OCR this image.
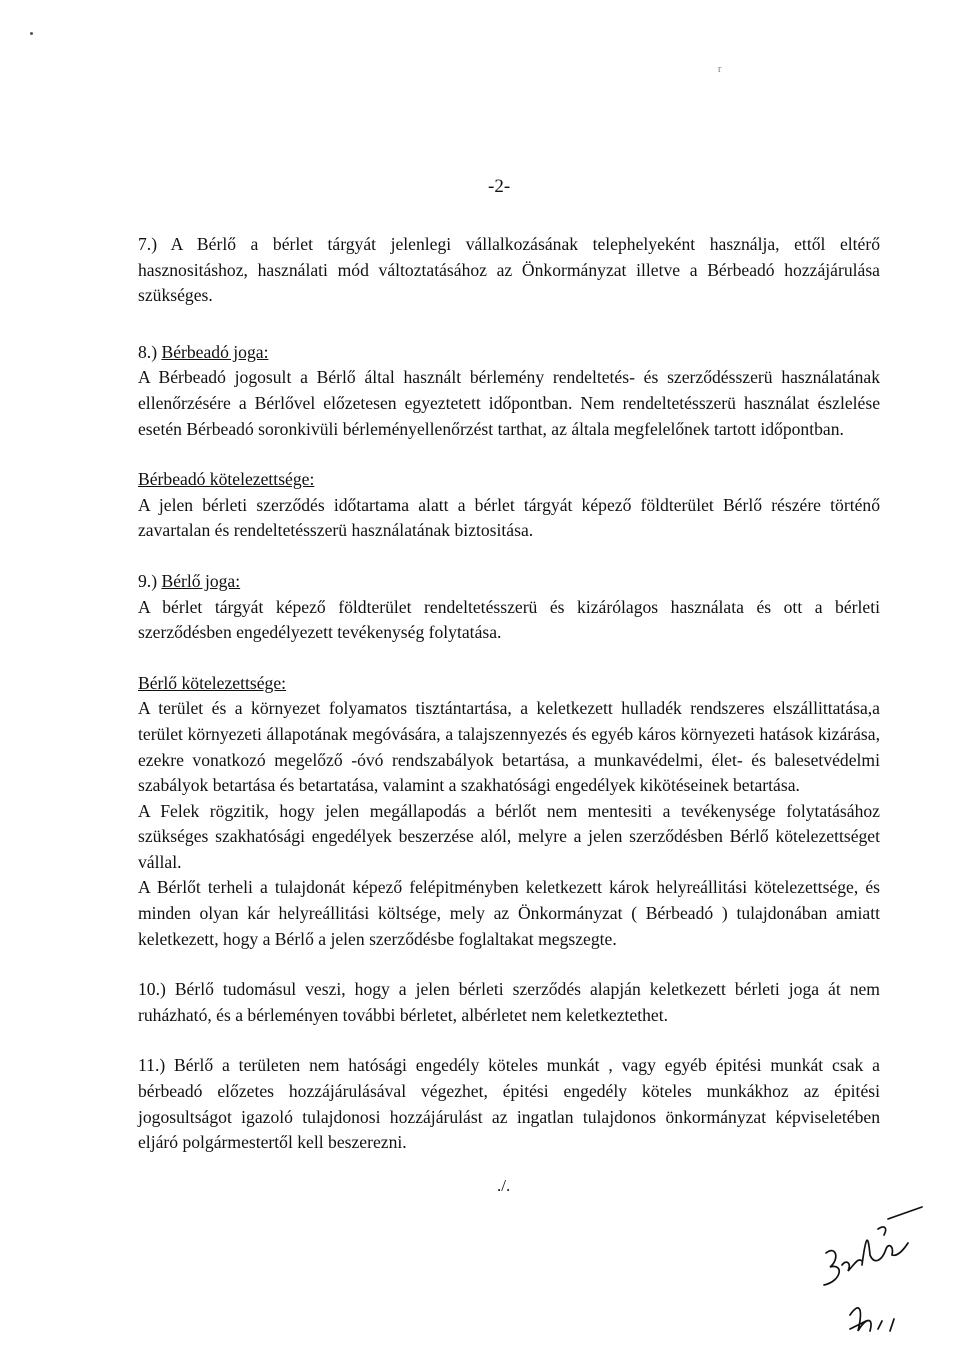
r
-2-

7.) A Bérlő a bérlet tárgyát jelenlegi vállalkozásának telephelyeként használja, ettől eltérő hasznositáshoz, használati mód változtatásához az Önkormányzat illetve a Bérbeadó hozzájárulása szükséges.

8.) Bérbeadó joga:

A Bérbeadó jogosult a Bérlő által használt bérlemény rendeltetés- és szerződésszerü használatának ellenőrzésére a Bérlővel előzetesen egyeztetett időpontban. Nem rendeltetésszerü használat észlelése esetén Bérbeadó soronkivüli bérleményellenőrzést tarthat, az általa megfelelőnek tartott időpontban.

Bérbeadó kötelezettsége:

A jelen bérleti szerződés időtartama alatt a bérlet tárgyát képező földterület Bérlő részére történő zavartalan és rendeltetésszerü használatának biztositása.

9.) Bérlő joga:

A bérlet tárgyát képező földterület rendeltetésszerü és kizárólagos használata és ott a bérleti szerződésben engedélyezett tevékenység folytatása.

Bérlő kötelezettsége:

A terület és a környezet folyamatos tisztántartása, a keletkezett hulladék rendszeres elszállittatása,a terület környezeti állapotának megóvására, a talajszennyezés és egyéb káros környezeti hatások kizárása, ezekre vonatkozó megelőző -óvó rendszabályok betartása, a munkavédelmi, élet- és balesetvédelmi szabályok betartása és betartatása, valamint a szakhatósági engedélyek kikötéseinek betartása.

A Felek rögzitik, hogy jelen megállapodás a bérlőt nem mentesiti a tevékenysége folytatásához szükséges szakhatósági engedélyek beszerzése alól, melyre a jelen szerződésben Bérlő kötelezettséget vállal.

A Bérlőt terheli a tulajdonát képező felépitményben keletkezett károk helyreállitási kötelezettsége, és minden olyan kár helyreállitási költsége, mely az Önkormányzat ( Bérbeadó ) tulajdonában amiatt keletkezett, hogy a Bérlő a jelen szerződésbe foglaltakat megszegte.

10.) Bérlő tudomásul veszi, hogy a jelen bérleti szerződés alapján keletkezett bérleti joga át nem ruházható, és a bérleményen további bérletet, albérletet nem keletkeztethet.

11.) Bérlő a területen nem hatósági engedély köteles munkát , vagy egyéb épitési munkát csak a bérbeadó előzetes hozzájárulásával végezhet, épitési engedély köteles munkákhoz az épitési jogosultságot igazoló tulajdonosi hozzájárulást az ingatlan tulajdonos önkormányzat képviseletében eljáró polgármestertől kell beszerezni.

./.
